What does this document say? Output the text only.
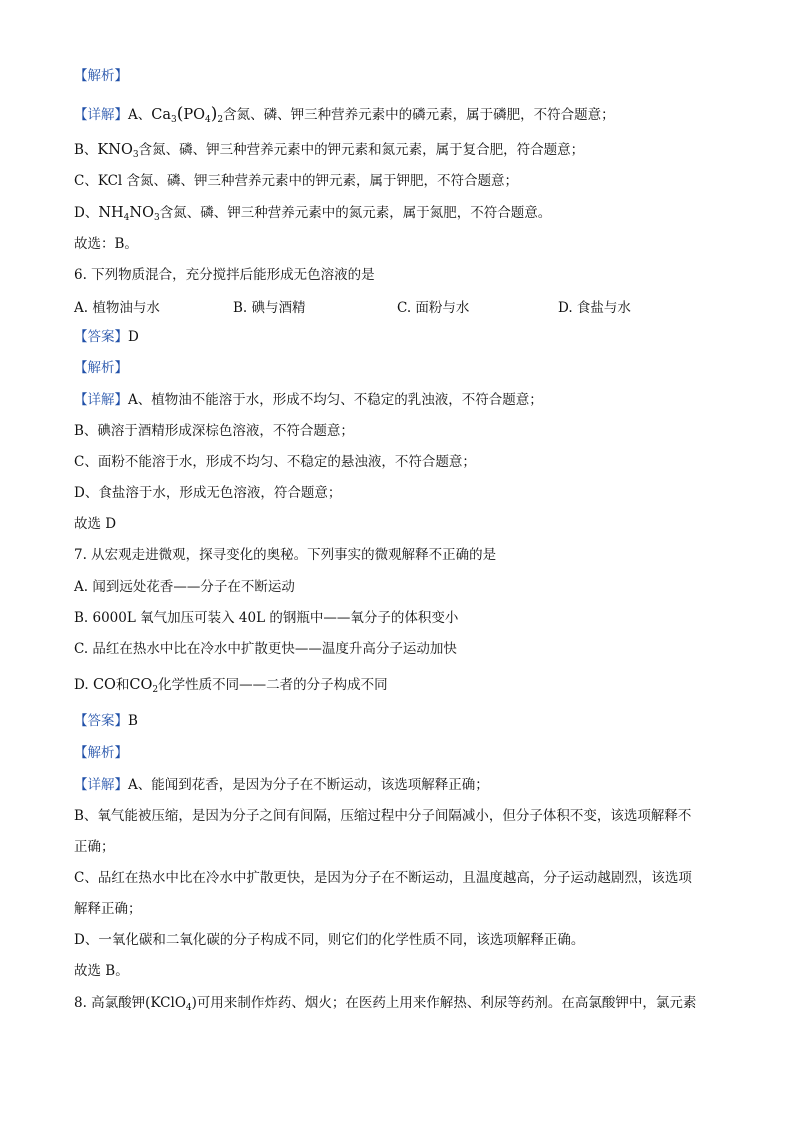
【解析】
【详解】A、$Ca_3(PO_4)_2$含氮、磷、钾三种营养元素中的磷元素，属于磷肥，不符合题意；
B、$KNO_3$含氮、磷、钾三种营养元素中的钾元素和氮元素，属于复合肥，符合题意；
C、KCl 含氮、磷、钾三种营养元素中的钾元素，属于钾肥，不符合题意；
D、$NH_4NO_3$含氮、磷、钾三种营养元素中的氮元素，属于氮肥，不符合题意。
故选：B。
6. 下列物质混合，充分搅拌后能形成无色溶液的是
A. 植物油与水	B. 碘与酒精	C. 面粉与水	D. 食盐与水
【答案】D
【解析】
【详解】A、植物油不能溶于水，形成不均匀、不稳定的乳浊液，不符合题意；
B、碘溶于酒精形成深棕色溶液，不符合题意；
C、面粉不能溶于水，形成不均匀、不稳定的悬浊液，不符合题意；
D、食盐溶于水，形成无色溶液，符合题意；
故选 D
7. 从宏观走进微观，探寻变化的奥秘。下列事实的微观解释不正确的是
A. 闻到远处花香——分子在不断运动
B. 6000L 氧气加压可装入 40L 的钢瓶中——氧分子的体积变小
C. 品红在热水中比在冷水中扩散更快——温度升高分子运动加快
D. CO和$CO_2$化学性质不同——二者的分子构成不同
【答案】B
【解析】
【详解】A、能闻到花香，是因为分子在不断运动，该选项解释正确；
B、氧气能被压缩，是因为分子之间有间隔，压缩过程中分子间隔减小，但分子体积不变，该选项解释不
正确；
C、品红在热水中比在冷水中扩散更快，是因为分子在不断运动，且温度越高，分子运动越剧烈，该选项
解释正确；
D、一氧化碳和二氧化碳的分子构成不同，则它们的化学性质不同，该选项解释正确。
故选 B。
8. 高氯酸钾(KClO$_4$)可用来制作炸药、烟火；在医药上用来作解热、利尿等药剂。在高氯酸钾中，氯元素
